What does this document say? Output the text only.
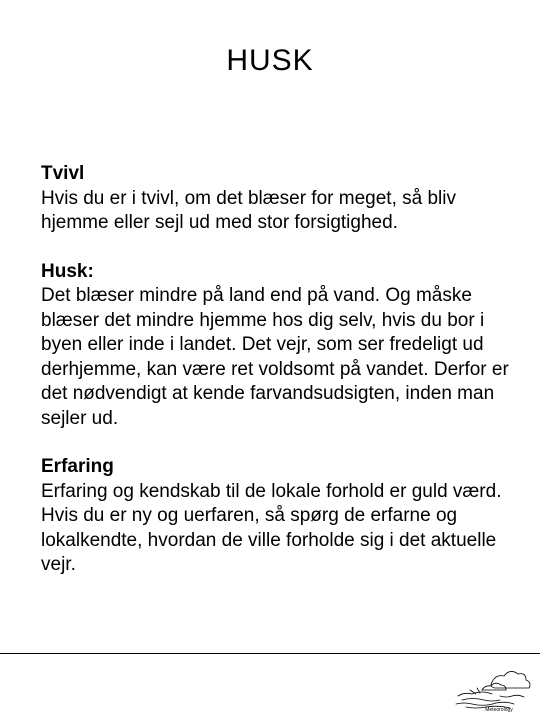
HUSK
Tvivl
Hvis du er i tvivl, om det blæser for meget, så bliv hjemme eller sejl ud med stor forsigtighed.
Husk:
Det blæser mindre på land end på vand. Og måske blæser det mindre hjemme hos dig selv, hvis du bor i byen eller inde i landet. Det vejr, som ser fredeligt ud derhjemme, kan være ret voldsomt på vandet. Derfor er det nødvendigt at kende farvandsudsigten, inden man sejler ud.
Erfaring
Erfaring og kendskab til de lokale forhold er guld værd. Hvis du er ny og uerfaren, så spørg de erfarne og lokalkendte, hvordan de ville forholde sig i det aktuelle vejr.
Meteorology
